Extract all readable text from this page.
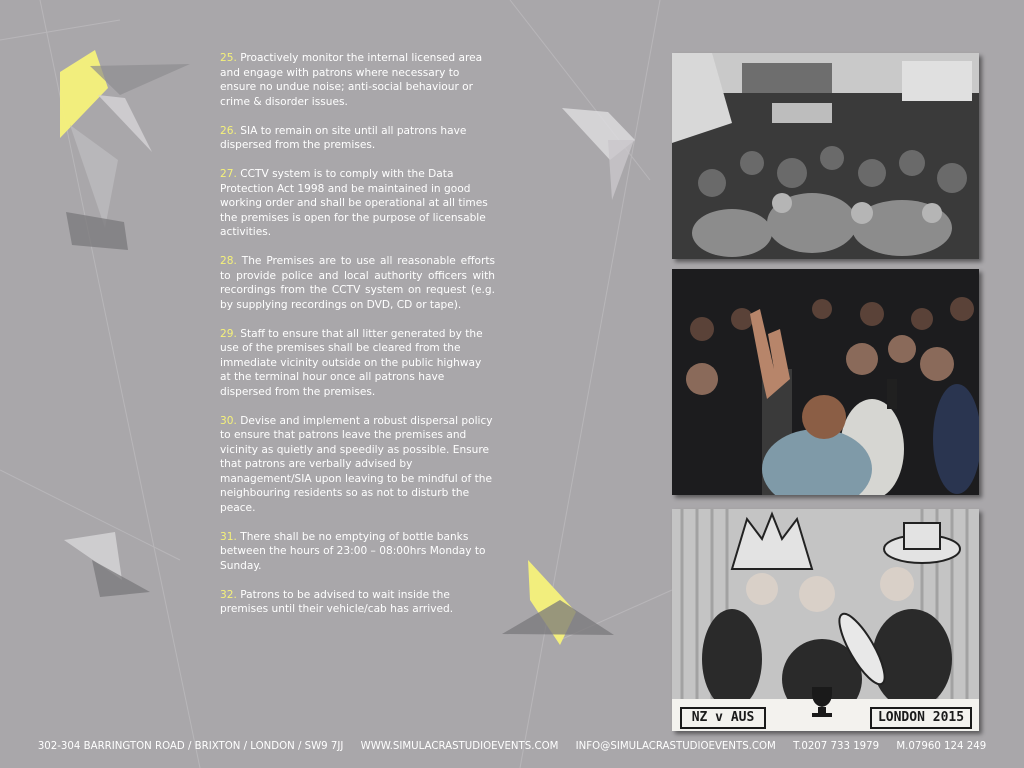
25. Proactively monitor the internal licensed area and engage with patrons where necessary to ensure no undue noise; anti-social behaviour or crime & disorder issues.

26. SIA to remain on site until all patrons have dispersed from the premises.

27. CCTV system is to comply with the Data Protection Act 1998 and be maintained in good working order and shall be operational at all times the premises is open for the purpose of licensable activities.

28. The Premises are to use all reasonable efforts to provide police and local authority officers with recordings from the CCTV system on request (e.g. by supplying recordings on DVD, CD or tape).

29. Staff to ensure that all litter generated by the use of the premises shall be cleared from the immediate vicinity outside on the public highway at the terminal hour once all patrons have dispersed from the premises.

30. Devise and implement a robust dispersal policy to ensure that patrons leave the premises and vicinity as quietly and speedily as possible. Ensure that patrons are verbally advised by management/SIA upon leaving to be mindful of the neighbouring residents so as not to disturb the peace.

31. There shall be no emptying of bottle banks between the hours of 23:00 – 08:00hrs Monday to Sunday.

32. Patrons to be advised to wait inside the premises until their vehicle/cab has arrived.

NZ v AUS	LONDON 2015
302-304 BARRINGTON ROAD / BRIXTON / LONDON / SW9 7JJ WWW.SIMULACRASTUDIOEVENTS.COM INFO@SIMULACRASTUDIOEVENTS.COM T.0207 733 1979 M.07960 124 249
